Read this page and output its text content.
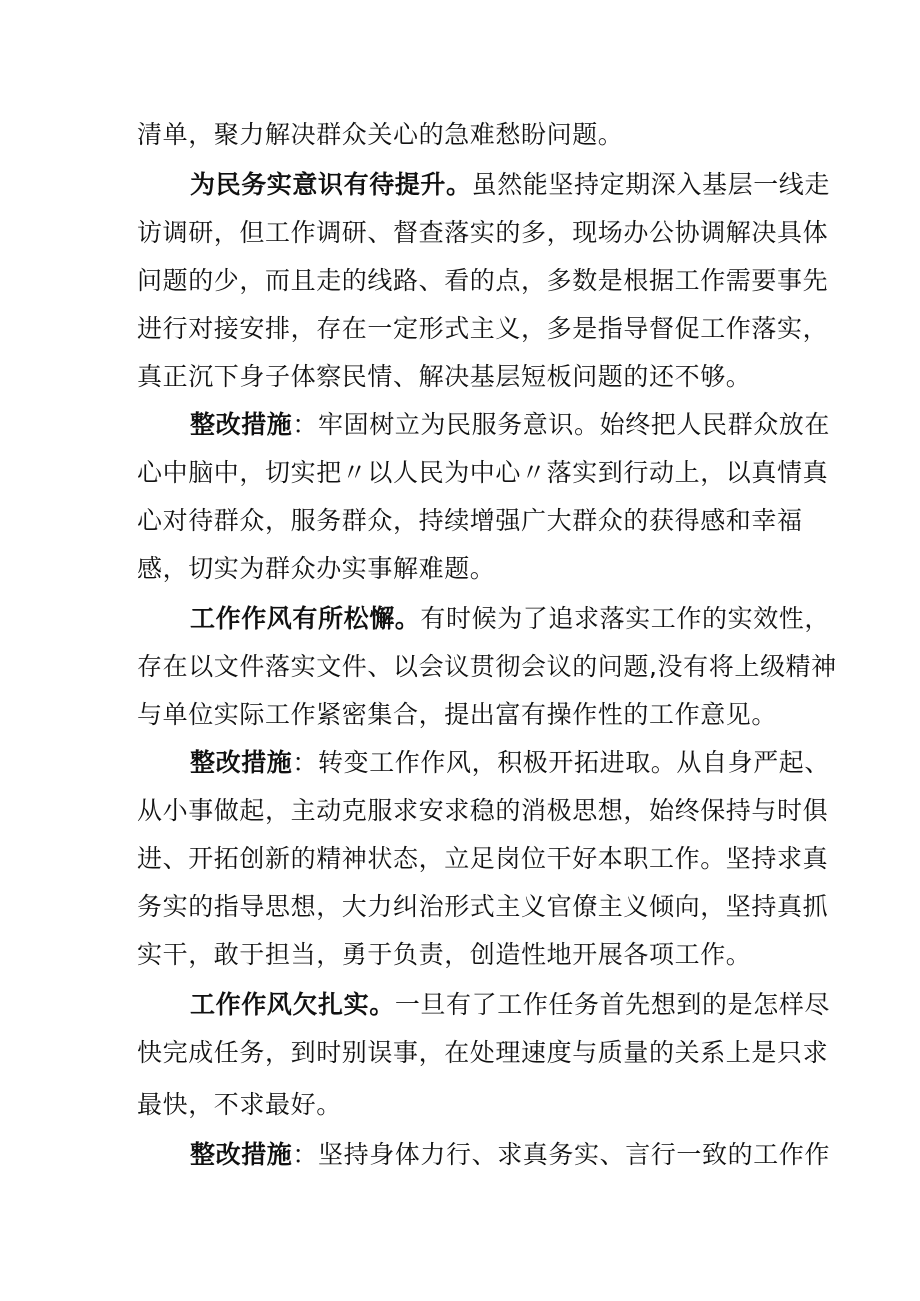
清单，聚力解决群众关心的急难愁盼问题。
为民务实意识有待提升。虽然能坚持定期深入基层一线走
访调研，但工作调研、督查落实的多，现场办公协调解决具体
问题的少，而且走的线路、看的点，多数是根据工作需要事先
进行对接安排，存在一定形式主义，多是指导督促工作落实，
真正沉下身子体察民情、解决基层短板问题的还不够。
整改措施：牢固树立为民服务意识。始终把人民群众放在
心中脑中，切实把〃以人民为中心〃落实到行动上，以真情真
心对待群众，服务群众，持续增强广大群众的获得感和幸福
感，切实为群众办实事解难题。
工作作风有所松懈。有时候为了追求落实工作的实效性，
存在以文件落实文件、以会议贯彻会议的问题,没有将上级精神
与单位实际工作紧密集合，提出富有操作性的工作意见。
整改措施：转变工作作风，积极开拓进取。从自身严起、
从小事做起，主动克服求安求稳的消极思想，始终保持与时俱
进、开拓创新的精神状态，立足岗位干好本职工作。坚持求真
务实的指导思想，大力纠治形式主义官僚主义倾向，坚持真抓
实干，敢于担当，勇于负责，创造性地开展各项工作。
工作作风欠扎实。一旦有了工作任务首先想到的是怎样尽
快完成任务，到时别误事，在处理速度与质量的关系上是只求
最快，不求最好。
整改措施：坚持身体力行、求真务实、言行一致的工作作
